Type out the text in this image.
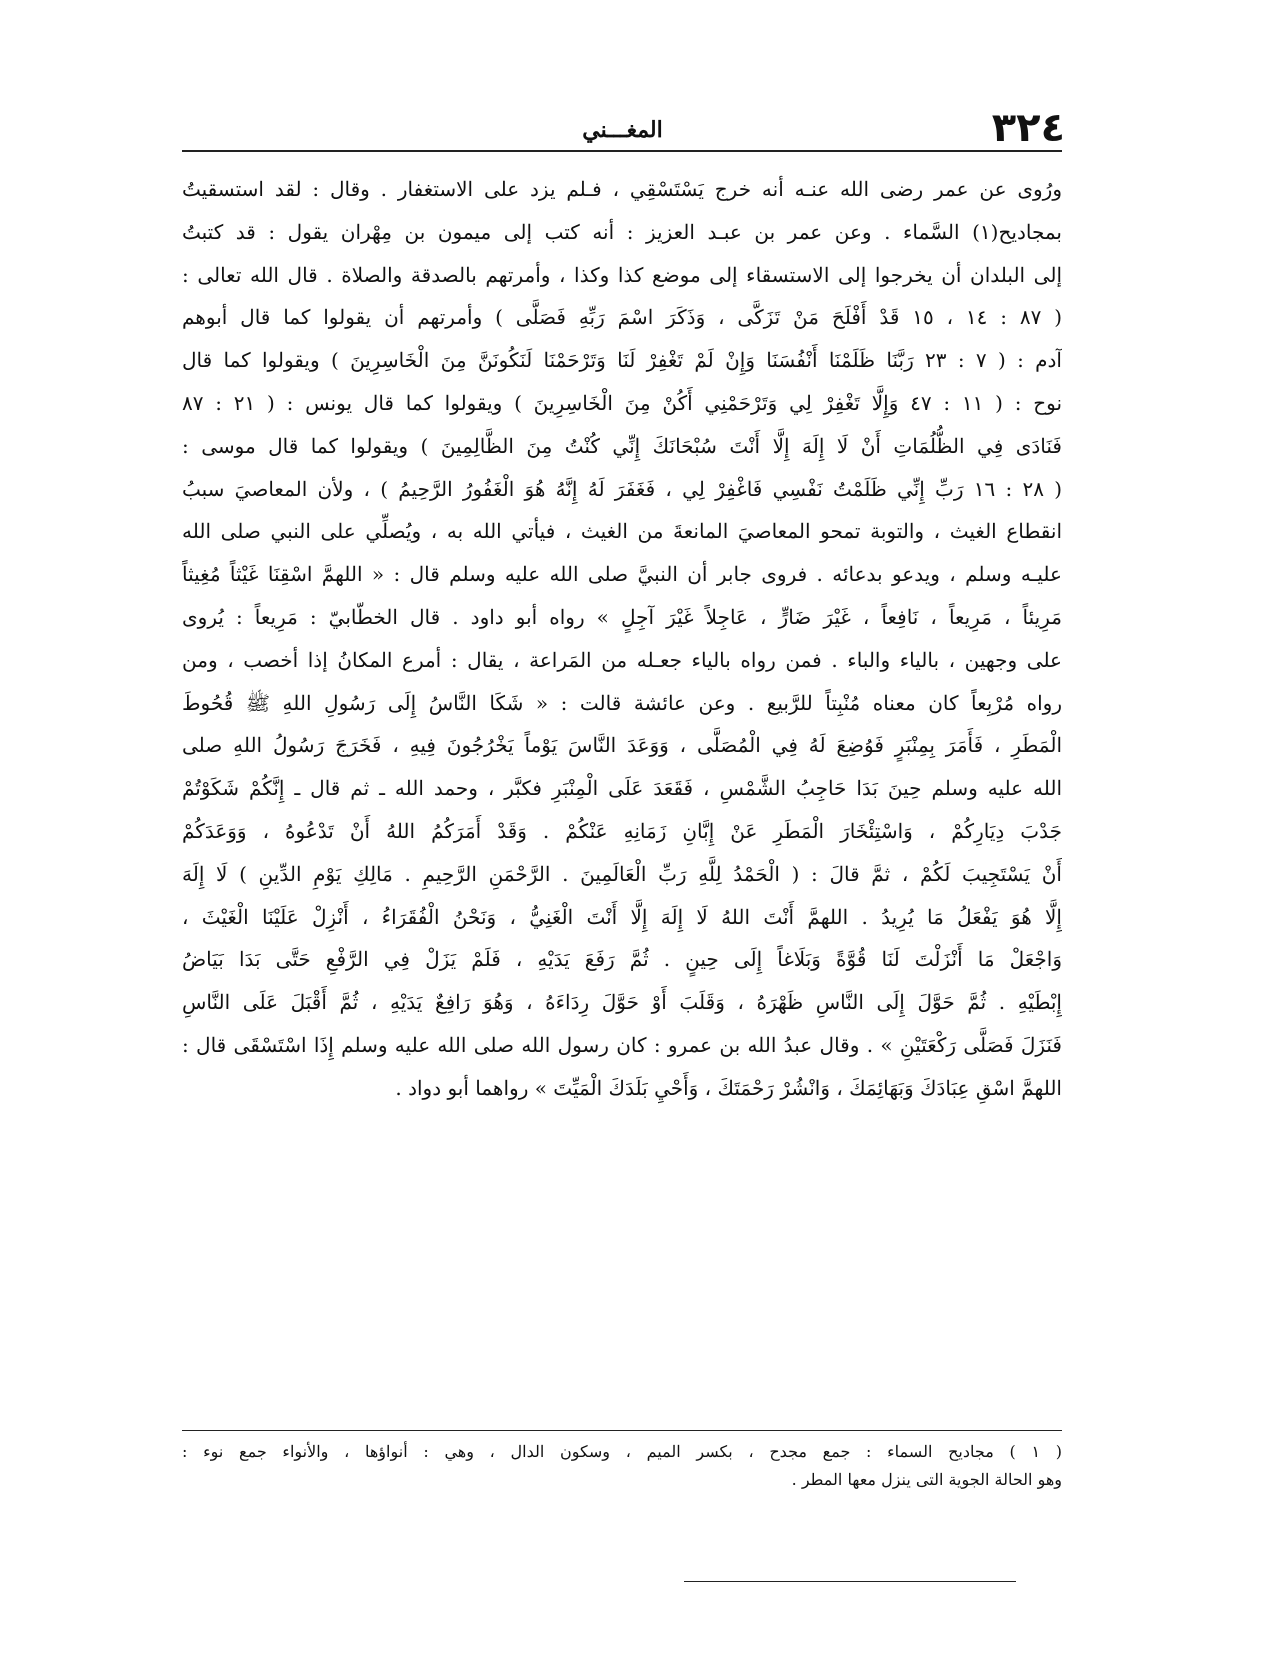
٣٢٤
المغـــني
ورُوى عن عمر رضى الله عنـه أنه خرج يَسْتَسْقِي ، فـلم يزد على الاستغفار . وقال : لقد استسقيتُ
بمجاديح(١) السَّماء . وعن عمر بن عبـد العزيز : أنه كتب إلى ميمون بن مِهْران يقول : قد كتبتُ
إلى البلدان أن يخرجوا إلى الاستسقاء إلى موضع كذا وكذا ، وأمرتهم بالصدقة والصلاة . قال الله تعالى :
( ٨٧ : ١٤ ، ١٥ قَدْ أَفْلَحَ مَنْ تَزَكَّى ، وَذَكَرَ اسْمَ رَبِّهِ فَصَلَّى ) وأمرتهم أن يقولوا كما قال أبوهم
آدم : ( ٧ : ٢٣ رَبَّنَا ظَلَمْنَا أَنْفُسَنَا وَإِنْ لَمْ تَغْفِرْ لَنَا وَتَرْحَمْنَا لَنَكُونَنَّ مِنَ الْخَاسِرِينَ ) ويقولوا كما قال
نوح : ( ١١ : ٤٧ وَإِلَّا تَغْفِرْ لِي وَتَرْحَمْنِي أَكُنْ مِنَ الْخَاسِرِينَ ) ويقولوا كما قال يونس : ( ٢١ : ٨٧
فَنَادَى فِي الظُّلُمَاتِ أَنْ لَا إِلَهَ إِلَّا أَنْتَ سُبْحَانَكَ إِنِّي كُنْتُ مِنَ الظَّالِمِينَ ) ويقولوا كما قال موسى :
( ٢٨ : ١٦ رَبِّ إِنِّي ظَلَمْتُ نَفْسِي فَاغْفِرْ لِي ، فَغَفَرَ لَهُ إِنَّهُ هُوَ الْغَفُورُ الرَّحِيمُ ) ، ولأن المعاصيَ سببُ
انقطاع الغيث ، والتوبة تمحو المعاصيَ المانعةَ من الغيث ، فيأتي الله به ، ويُصلِّي على النبي صلى الله
عليـه وسلم ، ويدعو بدعائه . فروى جابر أن النبيَّ صلى الله عليه وسلم قال : « اللهمَّ اسْقِنَا غَيْثاً مُغِيثاً
مَرِيئاً ، مَرِيعاً ، نَافِعاً ، غَيْرَ ضَارٍّ ، عَاجِلاً غَيْرَ آجِلٍ » رواه أبو داود . قال الخطّابيّ : مَرِيعاً : يُروى
على وجهين ، بالياء والباء . فمن رواه بالياء جعـله من المَراعة ، يقال : أمرع المكانُ إذا أخصب ، ومن
رواه مُرْبِعاً كان معناه مُنْبِتاً للرَّبيع . وعن عائشة قالت : « شَكَا النَّاسُ إِلَى رَسُولِ اللهِ ﷺ قُحُوطَ
الْمَطَرِ ، فَأَمَرَ بِمِنْبَرٍ فَوُضِعَ لَهُ فِي الْمُصَلَّى ، وَوَعَدَ النَّاسَ يَوْماً يَخْرُجُونَ فِيهِ ، فَخَرَجَ رَسُولُ اللهِ صلى
الله عليه وسلم حِينَ بَدَا حَاجِبُ الشَّمْسِ ، فَقَعَدَ عَلَى الْمِنْبَرِ فكبَّر ، وحمد الله ـ ثم قال ـ إِنَّكُمْ شَكَوْتُمْ
جَدْبَ دِيَارِكُمْ ، وَاسْتِئْخَارَ الْمَطَرِ عَنْ إِبَّانِ زَمَانِهِ عَنْكُمْ . وَقَدْ أَمَرَكُمُ اللهُ أَنْ تَدْعُوهُ ، وَوَعَدَكُمْ
أَنْ يَسْتَجِيبَ لَكُمْ ، ثمَّ قالَ : ( الْحَمْدُ لِلَّهِ رَبِّ الْعَالَمِينَ . الرَّحْمَنِ الرَّحِيمِ . مَالِكِ يَوْمِ الدِّينِ ) لَا إِلَهَ
إِلَّا هُوَ يَفْعَلُ مَا يُرِيدُ . اللهمَّ أَنْتَ اللهُ لَا إِلَهَ إِلَّا أَنْتَ الْغَنِيُّ ، وَنَحْنُ الْفُقَرَاءُ ، أَنْزِلْ عَلَيْنَا الْغَيْثَ ،
وَاجْعَلْ مَا أَنْزَلْتَ لَنَا قُوَّةً وَبَلَاغاً إِلَى حِينٍ . ثُمَّ رَفَعَ يَدَيْهِ ، فَلَمْ يَزَلْ فِي الرَّفْعِ حَتَّى بَدَا بَيَاضُ
إِبْطَيْهِ . ثُمَّ حَوَّلَ إِلَى النَّاسِ ظَهْرَهُ ، وَقَلَبَ أَوْ حَوَّلَ رِدَاءَهُ ، وَهُوَ رَافِعٌ يَدَيْهِ ، ثُمَّ أَقْبَلَ عَلَى النَّاسِ
فَنَزَلَ فَصَلَّى رَكْعَتَيْنِ » . وقال عبدُ الله بن عمرو : كان رسول الله صلى الله عليه وسلم إِذَا اسْتَسْقَى قال :
اللهمَّ اسْقِ عِبَادَكَ وَبَهَائِمَكَ ، وَانْشُرْ رَحْمَتَكَ ، وَأَحْيِ بَلَدَكَ الْمَيِّتَ » رواهما أبو دواد .
( ١ ) مجاديح السماء : جمع مجدح ، بكسر الميم ، وسكون الدال ، وهي : أنواؤها ، والأنواء جمع نوء :
وهو الحالة الجوية التى ينزل معها المطر .
